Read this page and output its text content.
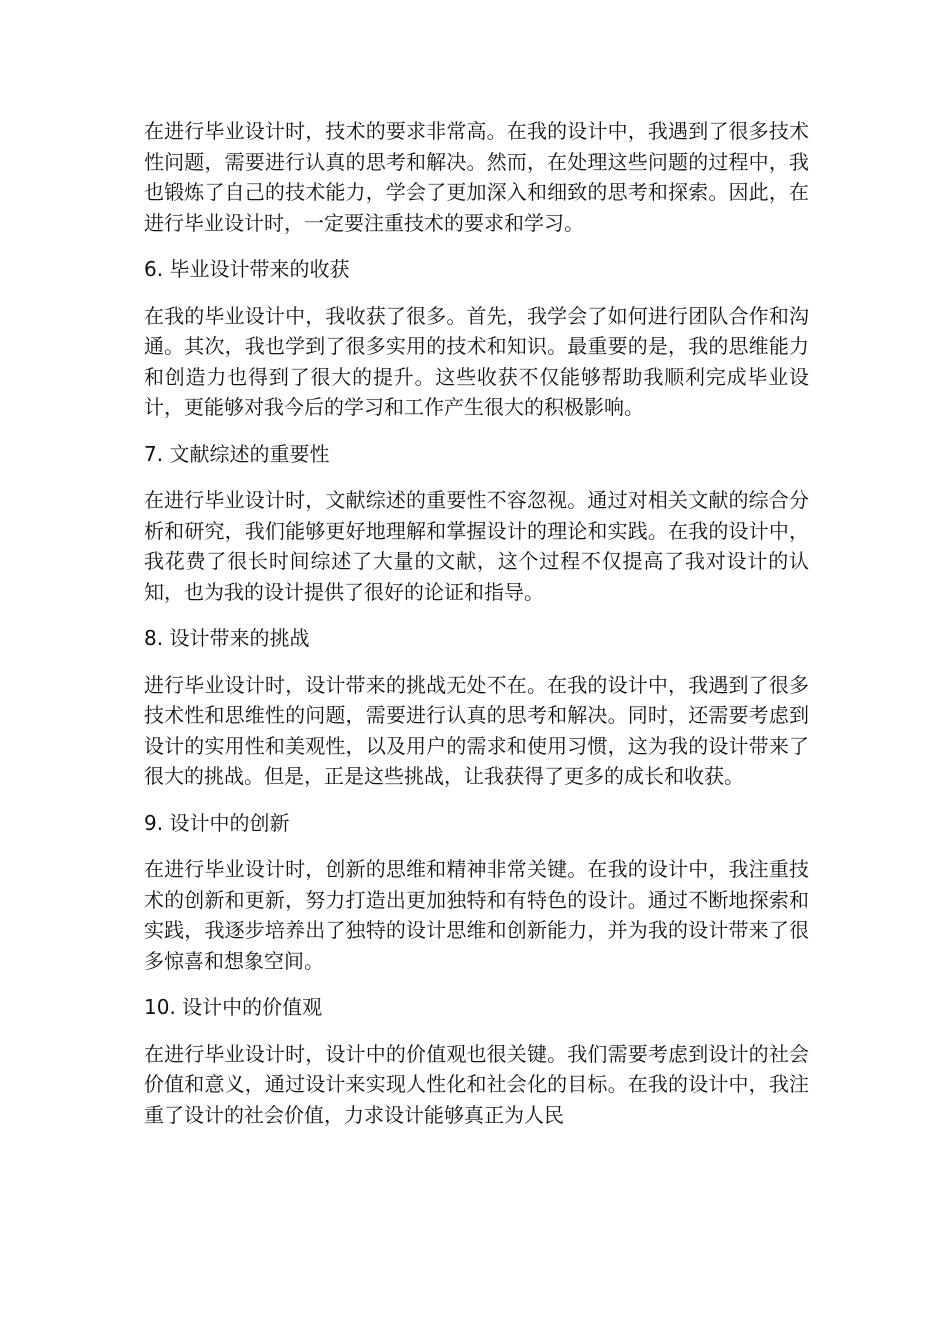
在进行毕业设计时，技术的要求非常高。在我的设计中，我遇到了很多技术性问题，需要进行认真的思考和解决。然而，在处理这些问题的过程中，我也锻炼了自己的技术能力，学会了更加深入和细致的思考和探索。因此，在进行毕业设计时，一定要注重技术的要求和学习。

6. 毕业设计带来的收获

在我的毕业设计中，我收获了很多。首先，我学会了如何进行团队合作和沟通。其次，我也学到了很多实用的技术和知识。最重要的是，我的思维能力和创造力也得到了很大的提升。这些收获不仅能够帮助我顺利完成毕业设计，更能够对我今后的学习和工作产生很大的积极影响。

7. 文献综述的重要性

在进行毕业设计时，文献综述的重要性不容忽视。通过对相关文献的综合分析和研究，我们能够更好地理解和掌握设计的理论和实践。在我的设计中，我花费了很长时间综述了大量的文献，这个过程不仅提高了我对设计的认知，也为我的设计提供了很好的论证和指导。

8. 设计带来的挑战

进行毕业设计时，设计带来的挑战无处不在。在我的设计中，我遇到了很多技术性和思维性的问题，需要进行认真的思考和解决。同时，还需要考虑到设计的实用性和美观性，以及用户的需求和使用习惯，这为我的设计带来了很大的挑战。但是，正是这些挑战，让我获得了更多的成长和收获。

9. 设计中的创新

在进行毕业设计时，创新的思维和精神非常关键。在我的设计中，我注重技术的创新和更新，努力打造出更加独特和有特色的设计。通过不断地探索和实践，我逐步培养出了独特的设计思维和创新能力，并为我的设计带来了很多惊喜和想象空间。

10. 设计中的价值观

在进行毕业设计时，设计中的价值观也很关键。我们需要考虑到设计的社会价值和意义，通过设计来实现人性化和社会化的目标。在我的设计中，我注重了设计的社会价值，力求设计能够真正为人民
